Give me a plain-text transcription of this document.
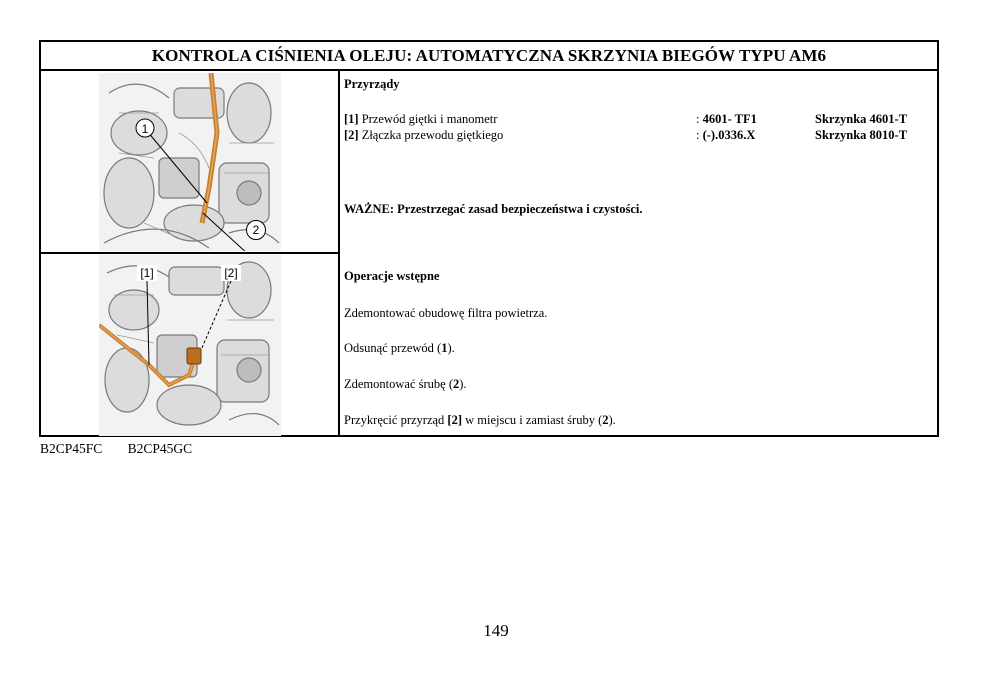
KONTROLA CIŚNIENIA OLEJU: AUTOMATYCZNA SKRZYNIA BIEGÓW TYPU AM6
1
2
[1]	[2]
Przyrządy
[1] Przewód giętki i manometr	: 4601- TF1	Skrzynka 4601-T
[2] Złączka przewodu giętkiego	: (-).0336.X	Skrzynka 8010-T
WAŻNE: Przestrzegać zasad bezpieczeństwa i czystości.
Operacje wstępne
Zdemontować obudowę filtra powietrza.
Odsunąć przewód (1).
Zdemontować śrubę (2).
Przykręcić przyrząd [2] w miejscu i zamiast śruby (2).
B2CP45FC B2CP45GC
149
